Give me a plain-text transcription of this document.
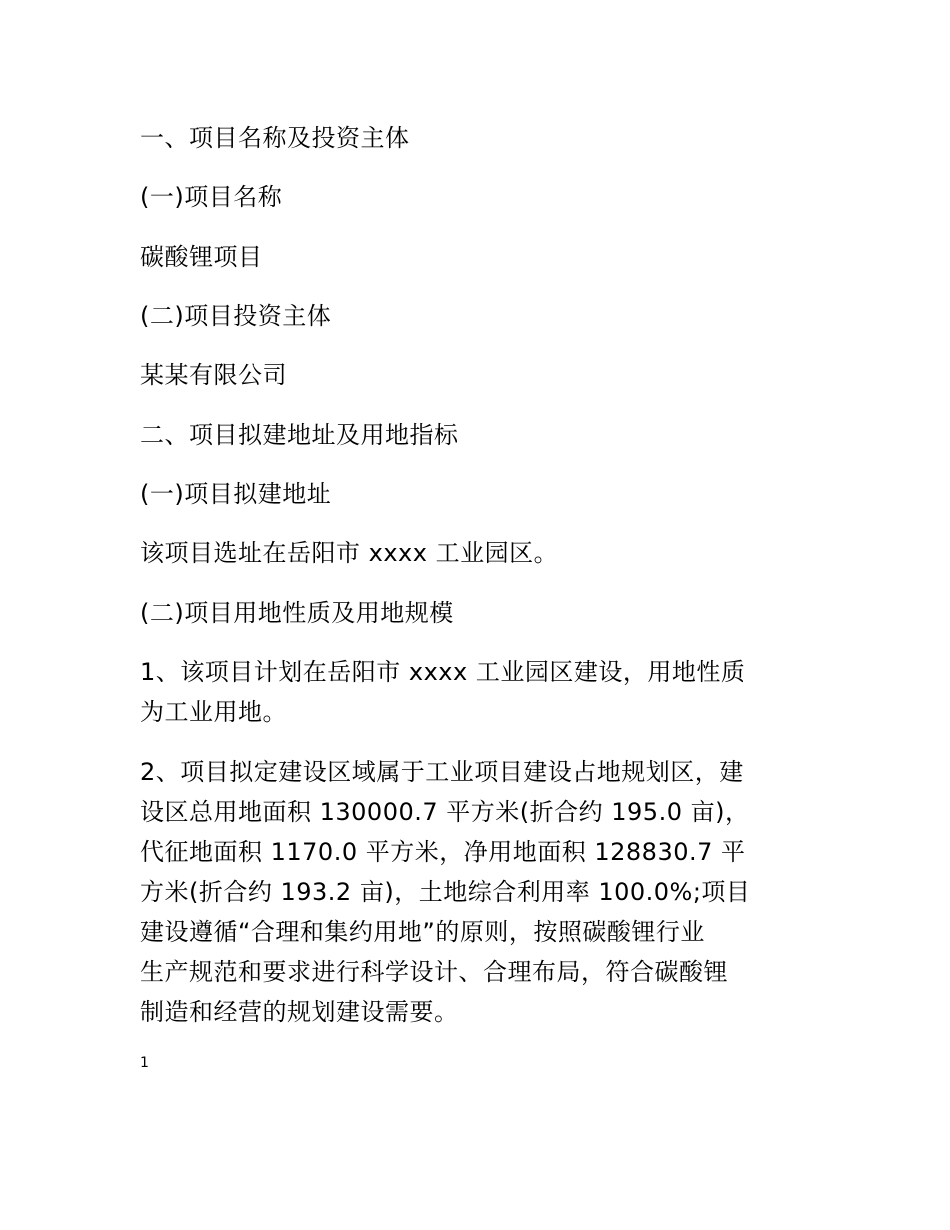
一、项目名称及投资主体
(一)项目名称
碳酸锂项目
(二)项目投资主体
某某有限公司
二、项目拟建地址及用地指标
(一)项目拟建地址
该项目选址在岳阳市 xxxx 工业园区。
(二)项目用地性质及用地规模
1、该项目计划在岳阳市 xxxx 工业园区建设，用地性质
为工业用地。
2、项目拟定建设区域属于工业项目建设占地规划区，建
设区总用地面积 130000.7 平方米(折合约 195.0 亩)，
代征地面积 1170.0 平方米，净用地面积 128830.7 平
方米(折合约 193.2 亩)，土地综合利用率 100.0%;项目
建设遵循“合理和集约用地”的原则，按照碳酸锂行业
生产规范和要求进行科学设计、合理布局，符合碳酸锂
制造和经营的规划建设需要。
1
